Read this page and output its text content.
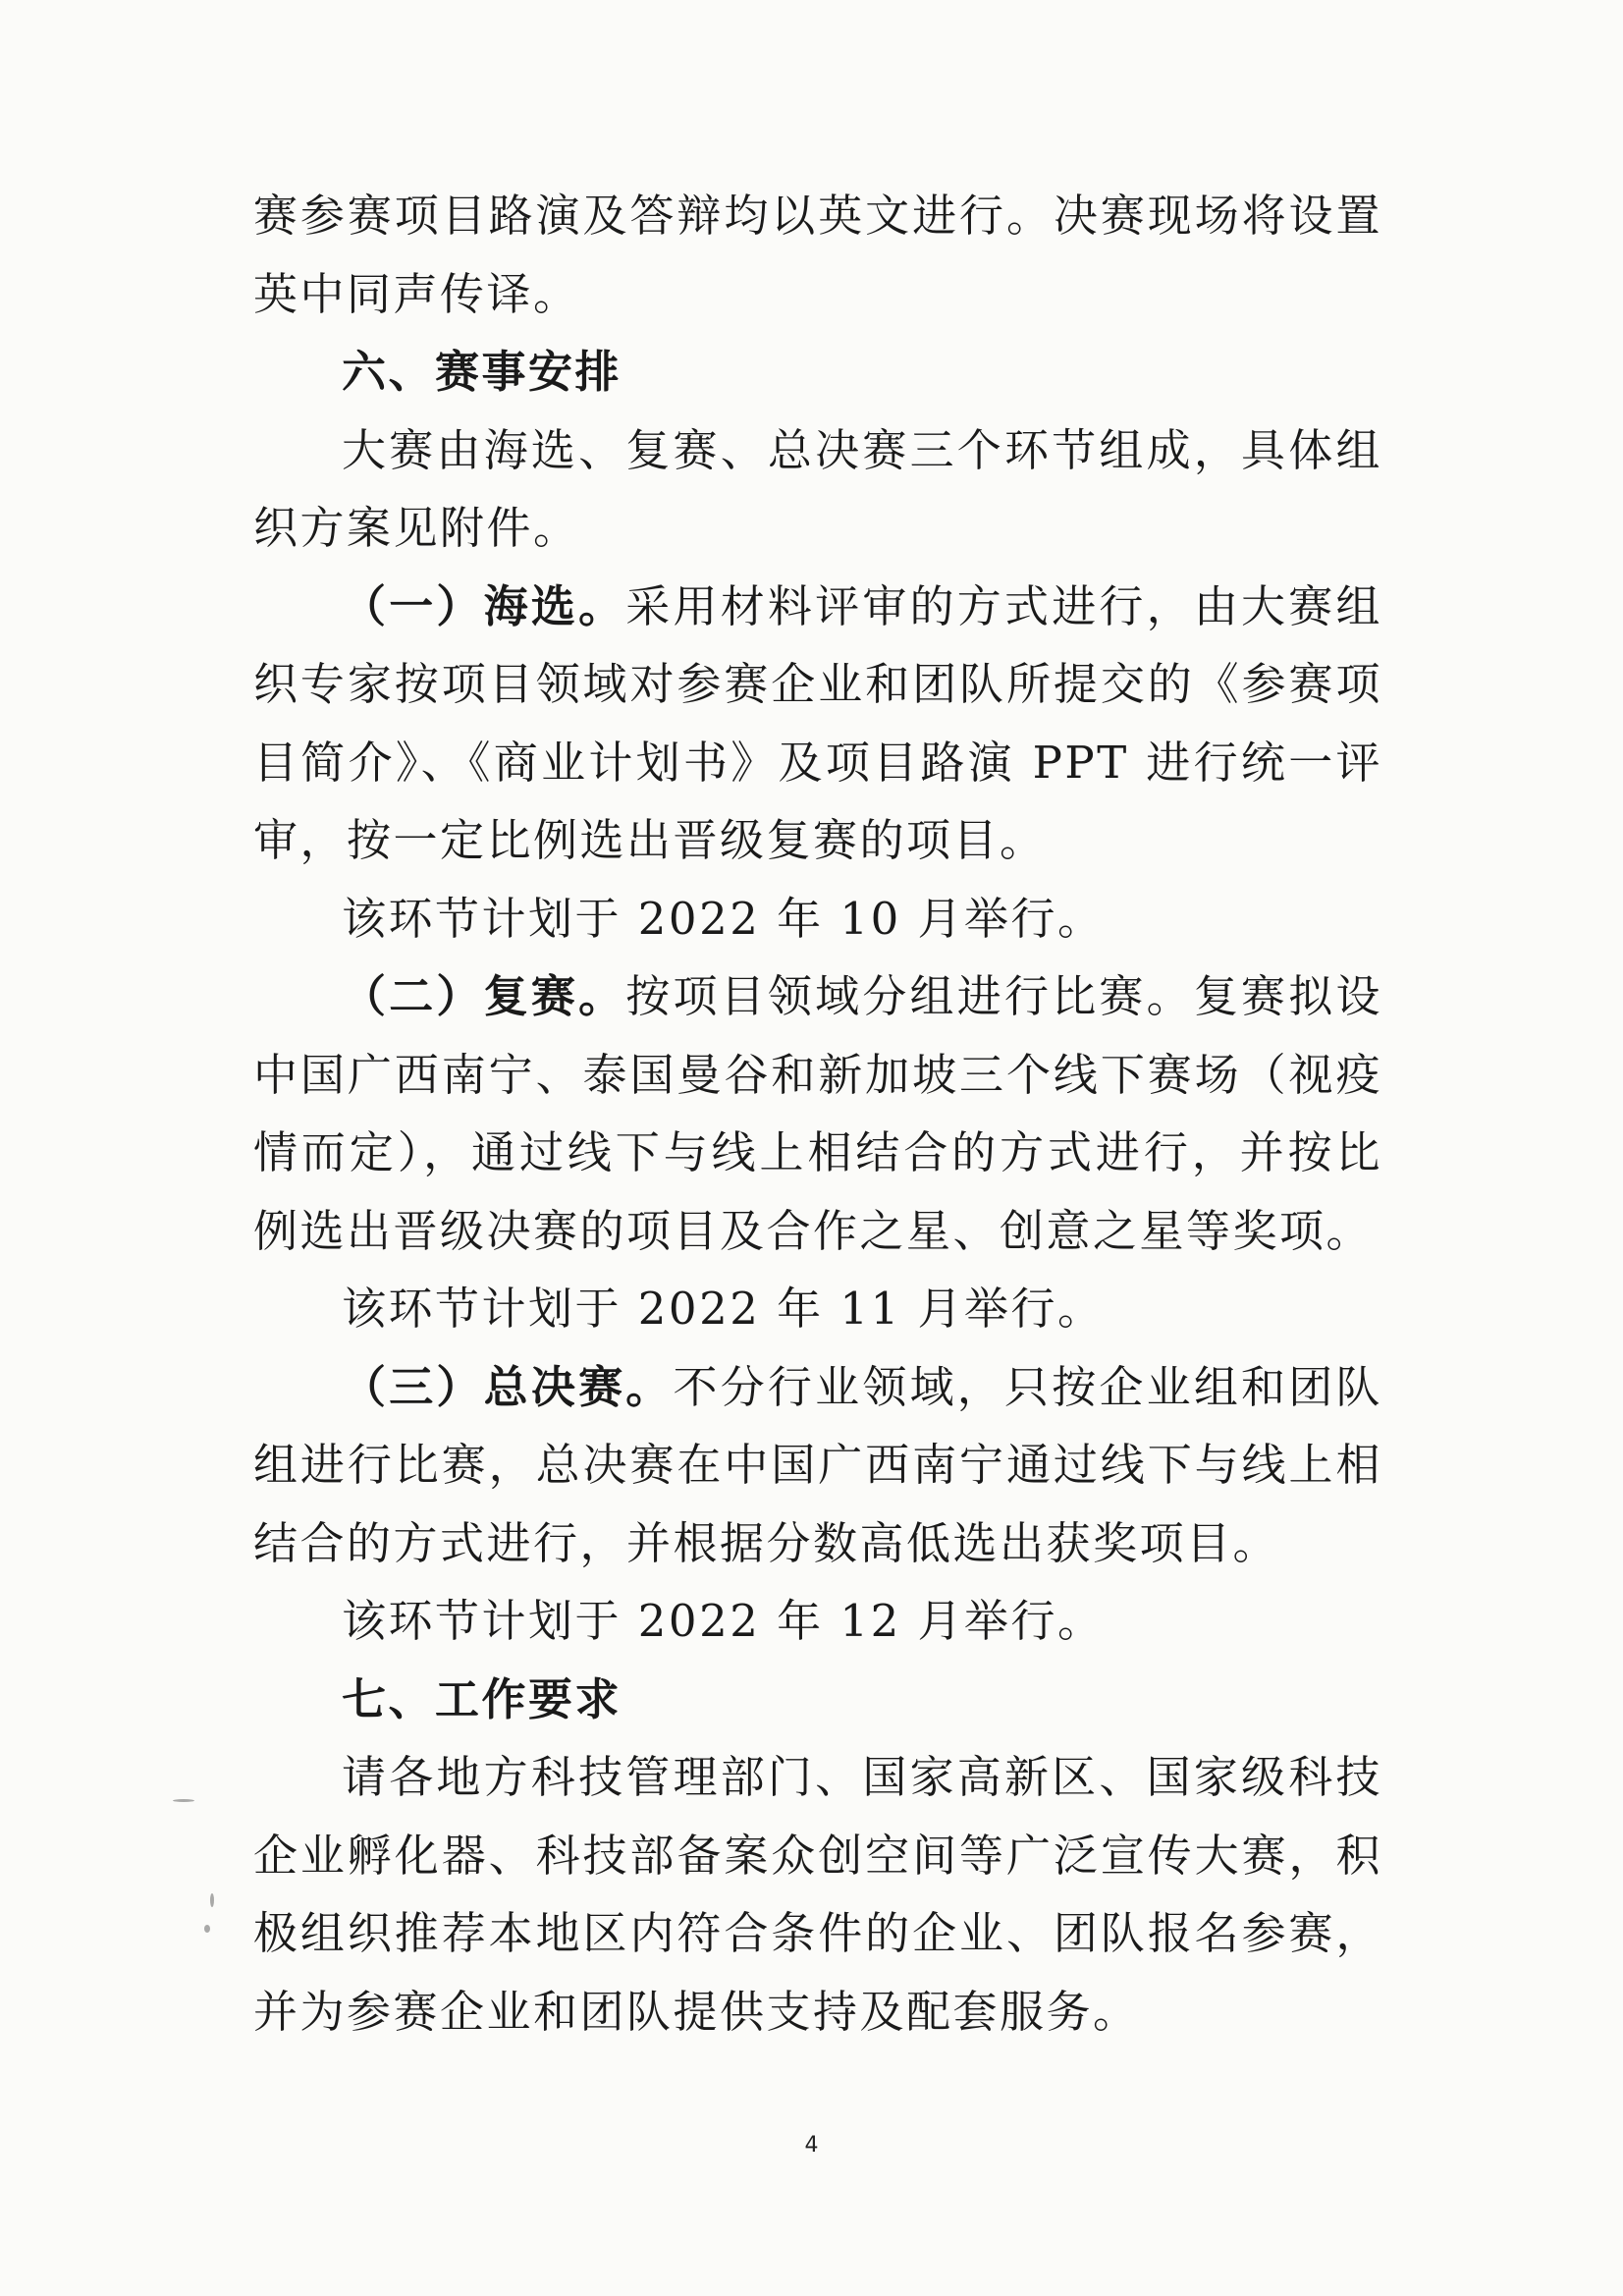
赛参赛项目路演及答辩均以英文进行。决赛现场将设置英中同声传译。

六、赛事安排

大赛由海选、复赛、总决赛三个环节组成，具体组织方案见附件。

（一）海选。采用材料评审的方式进行，由大赛组织专家按项目领域对参赛企业和团队所提交的《参赛项目简介》、《商业计划书》及项目路演 PPT 进行统一评审，按一定比例选出晋级复赛的项目。

该环节计划于 2022 年 10 月举行。

（二）复赛。按项目领域分组进行比赛。复赛拟设中国广西南宁、泰国曼谷和新加坡三个线下赛场（视疫情而定），通过线下与线上相结合的方式进行，并按比例选出晋级决赛的项目及合作之星、创意之星等奖项。

该环节计划于 2022 年 11 月举行。

（三）总决赛。不分行业领域，只按企业组和团队组进行比赛，总决赛在中国广西南宁通过线下与线上相结合的方式进行，并根据分数高低选出获奖项目。

该环节计划于 2022 年 12 月举行。

七、工作要求

请各地方科技管理部门、国家高新区、国家级科技企业孵化器、科技部备案众创空间等广泛宣传大赛，积极组织推荐本地区内符合条件的企业、团队报名参赛，并为参赛企业和团队提供支持及配套服务。

4
